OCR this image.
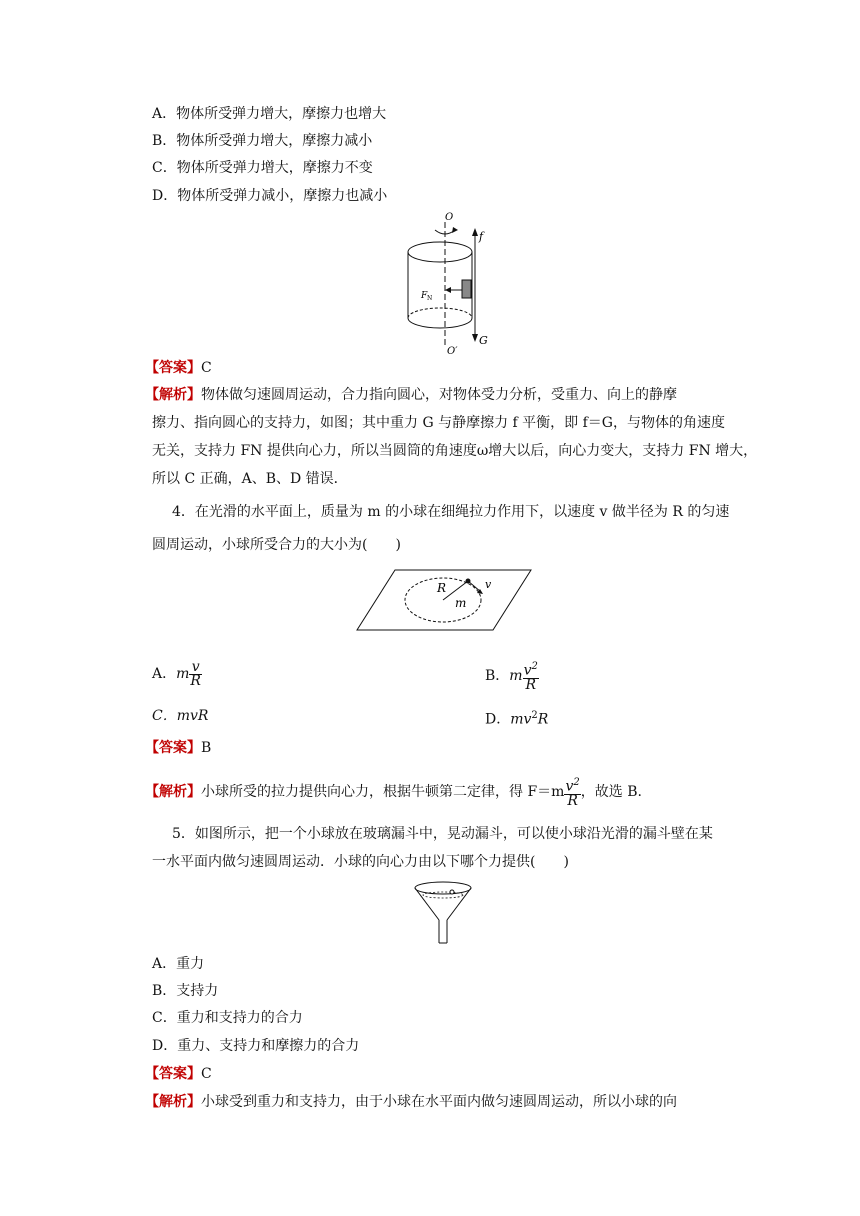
A．物体所受弹力增大，摩擦力也增大
B．物体所受弹力增大，摩擦力减小
C．物体所受弹力增大，摩擦力不变
D．物体所受弹力减小，摩擦力也减小
O
O′
f
G
F N
【答案】C
【解析】物体做匀速圆周运动，合力指向圆心，对物体受力分析，受重力、向上的静摩
擦力、指向圆心的支持力，如图；其中重力 G 与静摩擦力 f 平衡，即 f＝G，与物体的角速度
无关，支持力 FN 提供向心力，所以当圆筒的角速度ω增大以后，向心力变大，支持力 FN 增大，
所以 C 正确，A、B、D 错误．
4．在光滑的水平面上，质量为 m 的小球在细绳拉力作用下，以速度 v 做半径为 R 的匀速
圆周运动，小球所受合力的大小为(　　)
R
m
v
A．m $\frac{v}{R}$	B．m $\frac{v^2}{R}$
C．mvR	D．$mv^2R$
【答案】B
【解析】小球所受的拉力提供向心力，根据牛顿第二定律，得 $F=m \frac{v^2}{R}$ ，故选 B.
5．如图所示，把一个小球放在玻璃漏斗中，晃动漏斗，可以使小球沿光滑的漏斗壁在某
一水平面内做匀速圆周运动．小球的向心力由以下哪个力提供(　　)
A．重力
B．支持力
C．重力和支持力的合力
D．重力、支持力和摩擦力的合力
【答案】C
【解析】小球受到重力和支持力，由于小球在水平面内做匀速圆周运动，所以小球的向
